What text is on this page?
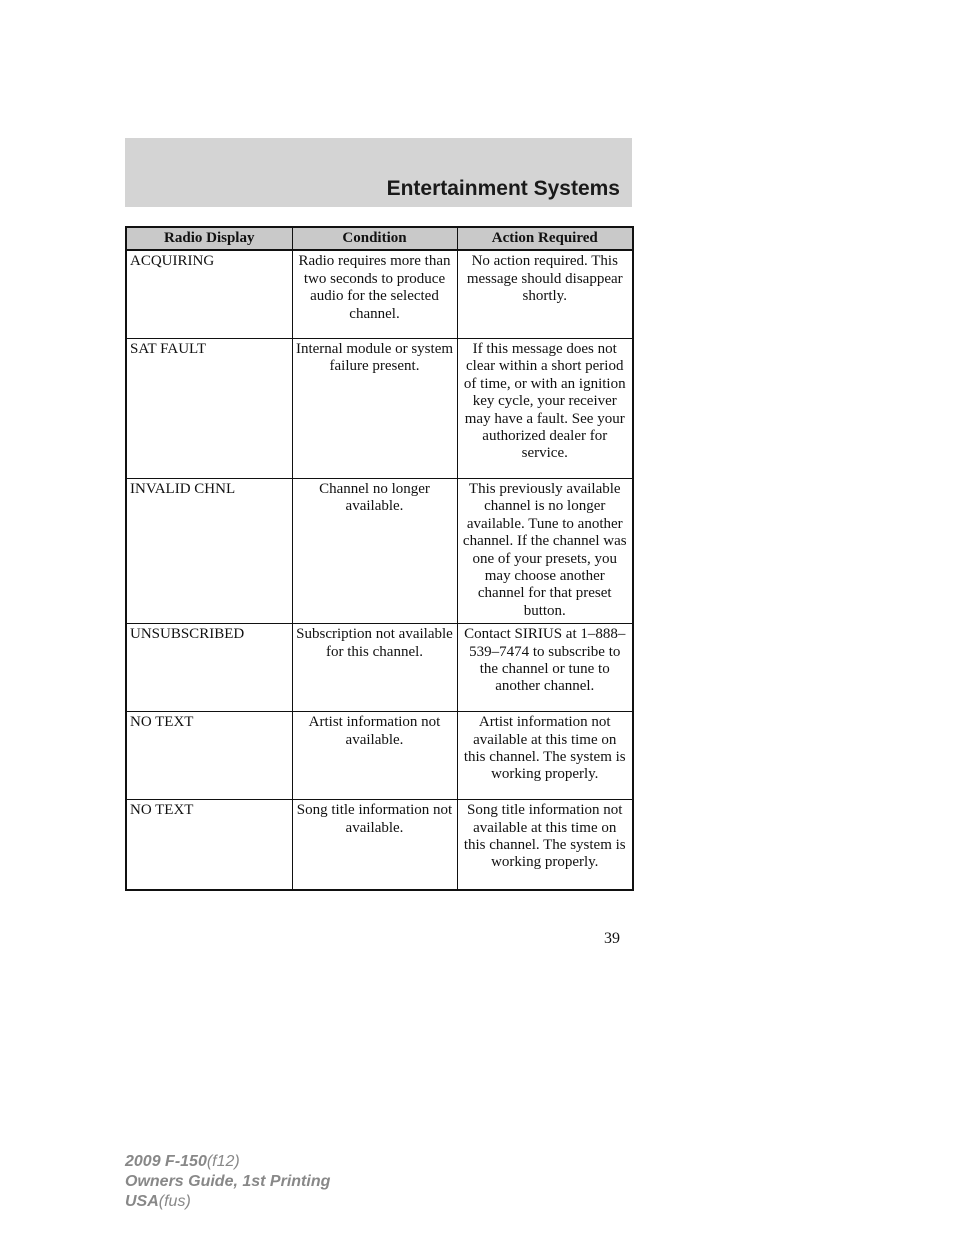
Entertainment Systems
Radio Display	Condition	Action Required
ACQUIRING	Radio requires more than two seconds to produce audio for the selected channel.	No action required. This message should disappear shortly.
SAT FAULT	Internal module or system failure present.	If this message does not clear within a short period of time, or with an ignition key cycle, your receiver may have a fault. See your authorized dealer for service.
INVALID CHNL	Channel no longer available.	This previously available channel is no longer available. Tune to another channel. If the channel was one of your presets, you may choose another channel for that preset button.
UNSUBSCRIBED	Subscription not available for this channel.	Contact SIRIUS at 1–888–539–7474 to subscribe to the channel or tune to another channel.
NO TEXT	Artist information not available.	Artist information not available at this time on this channel. The system is working properly.
NO TEXT	Song title information not available.	Song title information not available at this time on this channel. The system is working properly.
39
2009 F-150(f12)
Owners Guide, 1st Printing
USA(fus)
